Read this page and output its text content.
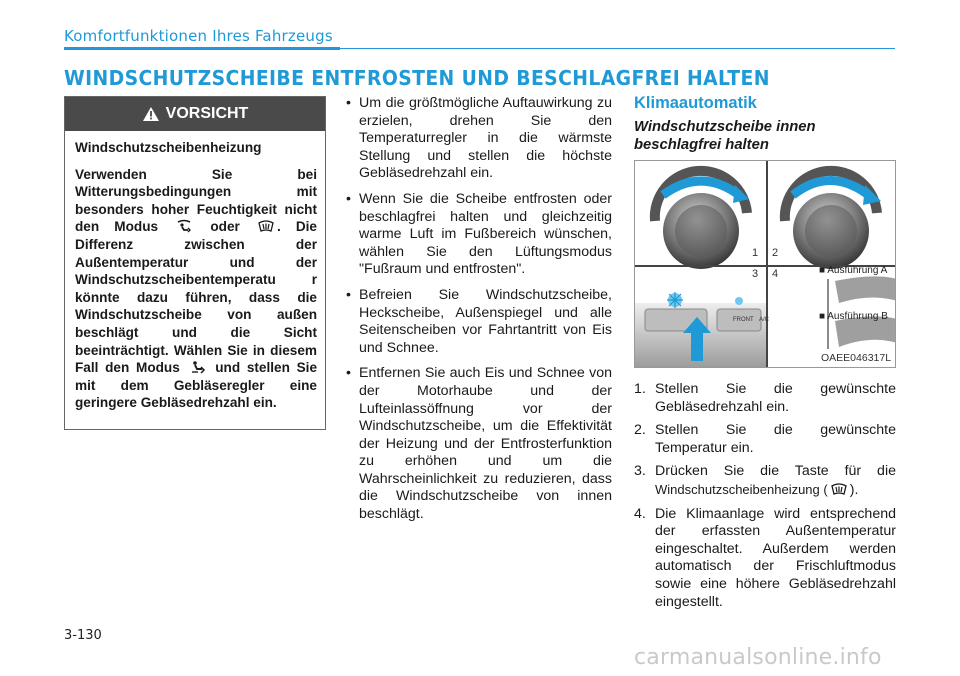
Komfortfunktionen Ihres Fahrzeugs
WINDSCHUTZSCHEIBE ENTFROSTEN UND BESCHLAGFREI HALTEN
VORSICHT

Windschutzscheibenheizung

Verwenden Sie bei Witterungsbedingungen mit besonders hoher Feuchtigkeit nicht den Modus	oder	. Die Differenz zwischen der Außentemperatur und der Windschutzscheibentemperatu r könnte dazu führen, dass die Windschutzscheibe von außen beschlägt und die Sicht beeinträchtigt. Wählen Sie in diesem Fall den Modus	und stellen Sie mit dem Gebläseregler eine geringere Gebläsedrehzahl ein.

• Um die größtmögliche Auftauwirkung zu erzielen, drehen Sie den Temperaturregler in die wärmste Stellung und stellen die höchste Gebläsedrehzahl ein.
• Wenn Sie die Scheibe entfrosten oder beschlagfrei halten und gleichzeitig warme Luft im Fußbereich wünschen, wählen Sie den Lüftungsmodus "Fußraum und entfrosten".
• Befreien Sie Windschutzscheibe, Heckscheibe, Außenspiegel und alle Seitenscheiben vor Fahrtantritt von Eis und Schnee.
• Entfernen Sie auch Eis und Schnee von der Motorhaube und der Lufteinlassöffnung vor der Windschutzscheibe, um die Effektivität der Heizung und der Entfrosterfunktion zu erhöhen und um die Wahrscheinlichkeit zu reduzieren, dass die Windschutzscheibe von innen beschlägt.
Klimaautomatik
Windschutzscheibe innen beschlagfrei halten
1 2
3 4	■ Ausführung A
■ Ausführung B
FRONT A/C
OAEE046317L
1. Stellen Sie die gewünschte Gebläsedrehzahl ein.
2. Stellen Sie die gewünschte Temperatur ein.
3. Drücken Sie die Taste für die Windschutzscheibenheizung ( ).
4. Die Klimaanlage wird entsprechend der erfassten Außentemperatur eingeschaltet. Außerdem werden automatisch der Frischluftmodus sowie eine höhere Gebläsedrehzahl eingestellt.
3-130
carmanualsonline.info
